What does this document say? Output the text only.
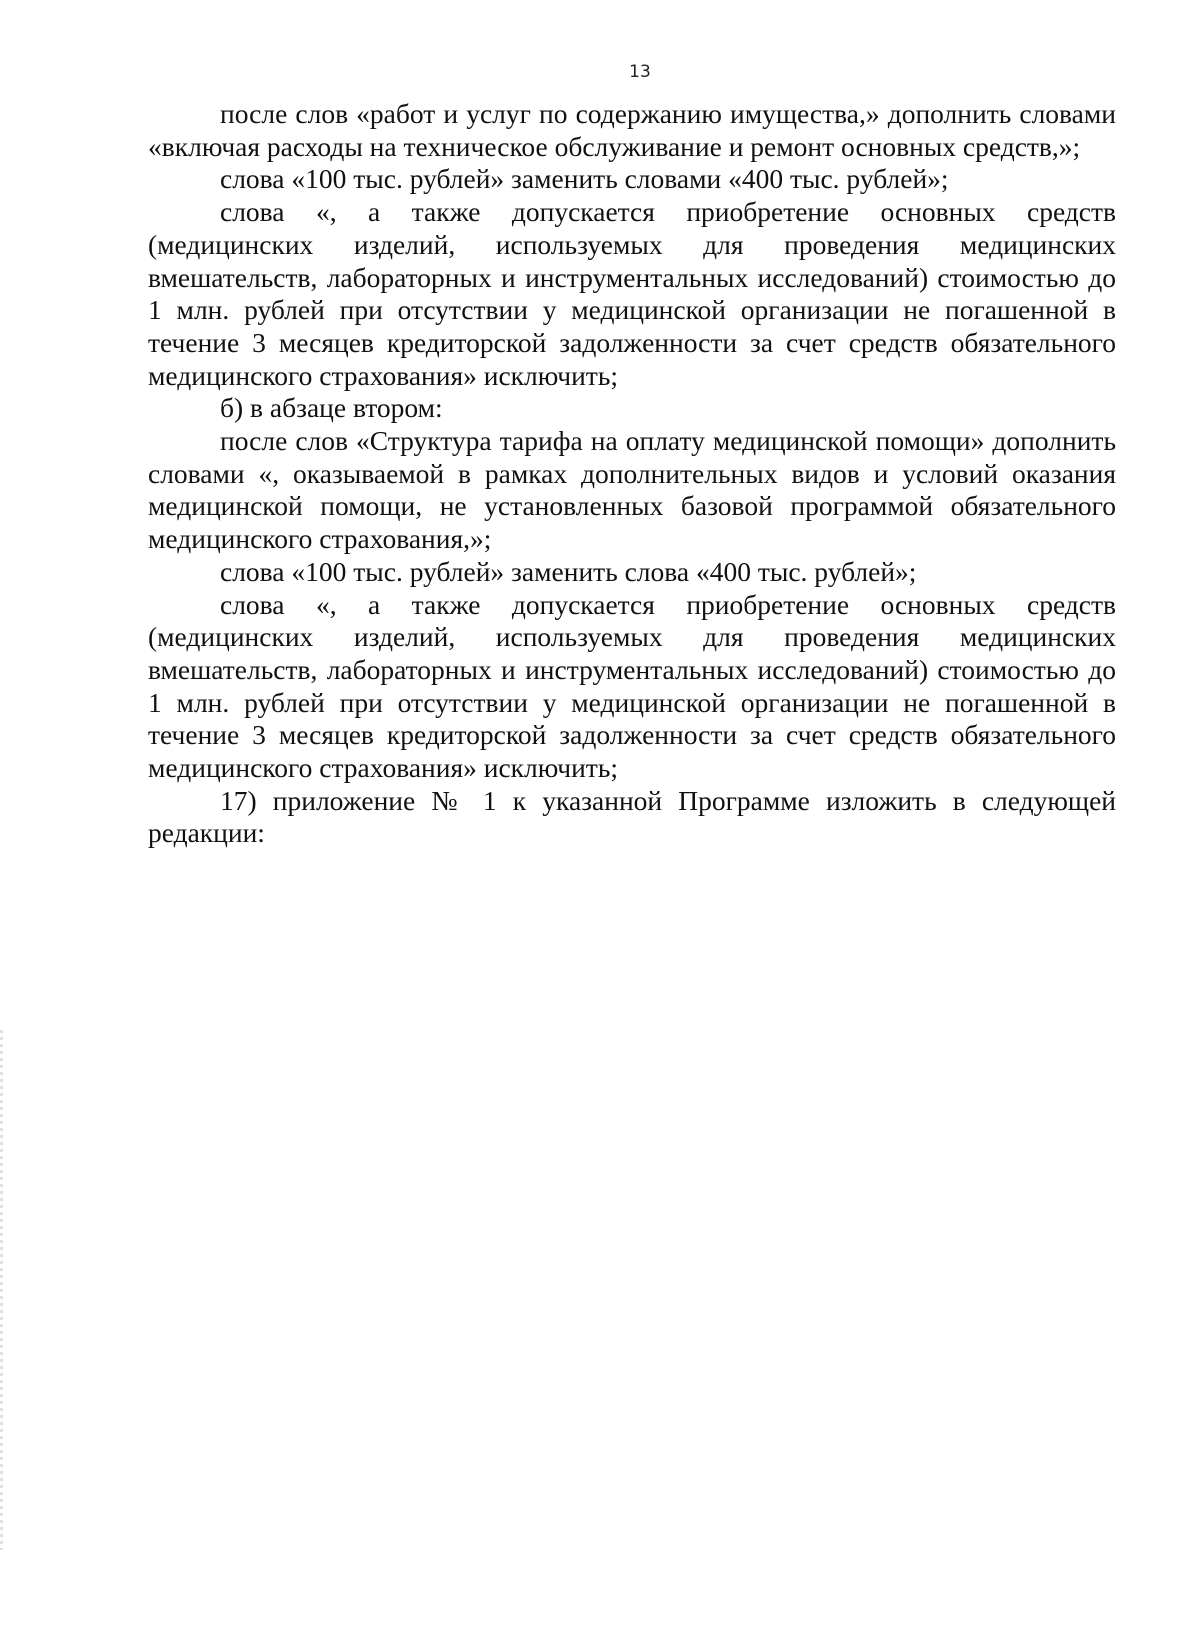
13

после слов «работ и услуг по содержанию имущества,» дополнить словами «включая расходы на техническое обслуживание и ремонт основных средств,»;

слова «100 тыс. рублей» заменить словами «400 тыс. рублей»;

слова «, а также допускается приобретение основных средств (медицинских изделий, используемых для проведения медицинских вмешательств, лабораторных и инструментальных исследований) стоимостью до 1 млн. рублей при отсутствии у медицинской организации не погашенной в течение 3 месяцев кредиторской задолженности за счет средств обязательного медицинского страхования» исключить;

б) в абзаце втором:

после слов «Структура тарифа на оплату медицинской помощи» дополнить словами «, оказываемой в рамках дополнительных видов и условий оказания медицинской помощи, не установленных базовой программой обязательного медицинского страхования,»;

слова «100 тыс. рублей» заменить слова «400 тыс. рублей»;

слова «, а также допускается приобретение основных средств (медицинских изделий, используемых для проведения медицинских вмешательств, лабораторных и инструментальных исследований) стоимостью до 1 млн. рублей при отсутствии у медицинской организации не погашенной в течение 3 месяцев кредиторской задолженности за счет средств обязательного медицинского страхования» исключить;

17) приложение № 1 к указанной Программе изложить в следующей редакции:
